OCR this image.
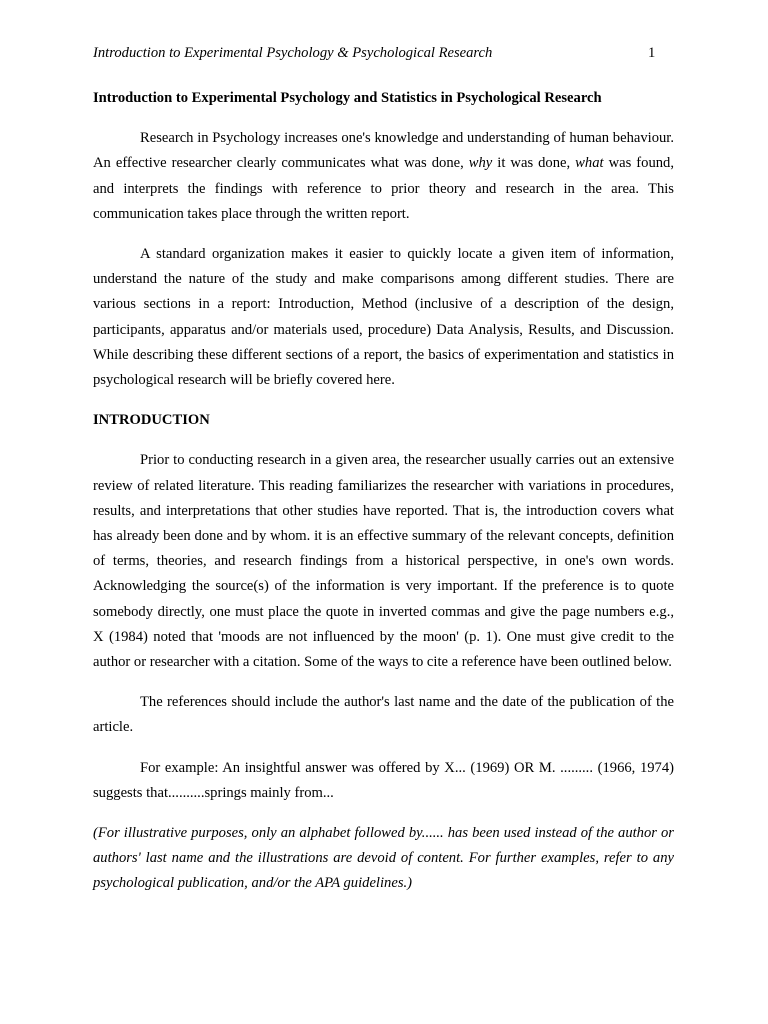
Introduction to Experimental Psychology & Psychological Research	1
Introduction to Experimental Psychology and Statistics in Psychological Research

Research in Psychology increases one's knowledge and understanding of human behaviour. An effective researcher clearly communicates what was done, why it was done, what was found, and interprets the findings with reference to prior theory and research in the area. This communication takes place through the written report.

A standard organization makes it easier to quickly locate a given item of information, understand the nature of the study and make comparisons among different studies. There are various sections in a report: Introduction, Method (inclusive of a description of the design, participants, apparatus and/or materials used, procedure) Data Analysis, Results, and Discussion. While describing these different sections of a report, the basics of experimentation and statistics in psychological research will be briefly covered here.

INTRODUCTION

Prior to conducting research in a given area, the researcher usually carries out an extensive review of related literature. This reading familiarizes the researcher with variations in procedures, results, and interpretations that other studies have reported. That is, the introduction covers what has already been done and by whom. it is an effective summary of the relevant concepts, definition of terms, theories, and research findings from a historical perspective, in one's own words. Acknowledging the source(s) of the information is very important. If the preference is to quote somebody directly, one must place the quote in inverted commas and give the page numbers e.g., X (1984) noted that 'moods are not influenced by the moon' (p. 1). One must give credit to the author or researcher with a citation. Some of the ways to cite a reference have been outlined below.

The references should include the author's last name and the date of the publication of the article.

For example: An insightful answer was offered by X... (1969) OR M. ......... (1966, 1974) suggests that..........springs mainly from...

(For illustrative purposes, only an alphabet followed by...... has been used instead of the author or authors' last name and the illustrations are devoid of content. For further examples, refer to any psychological publication, and/or the APA guidelines.)
